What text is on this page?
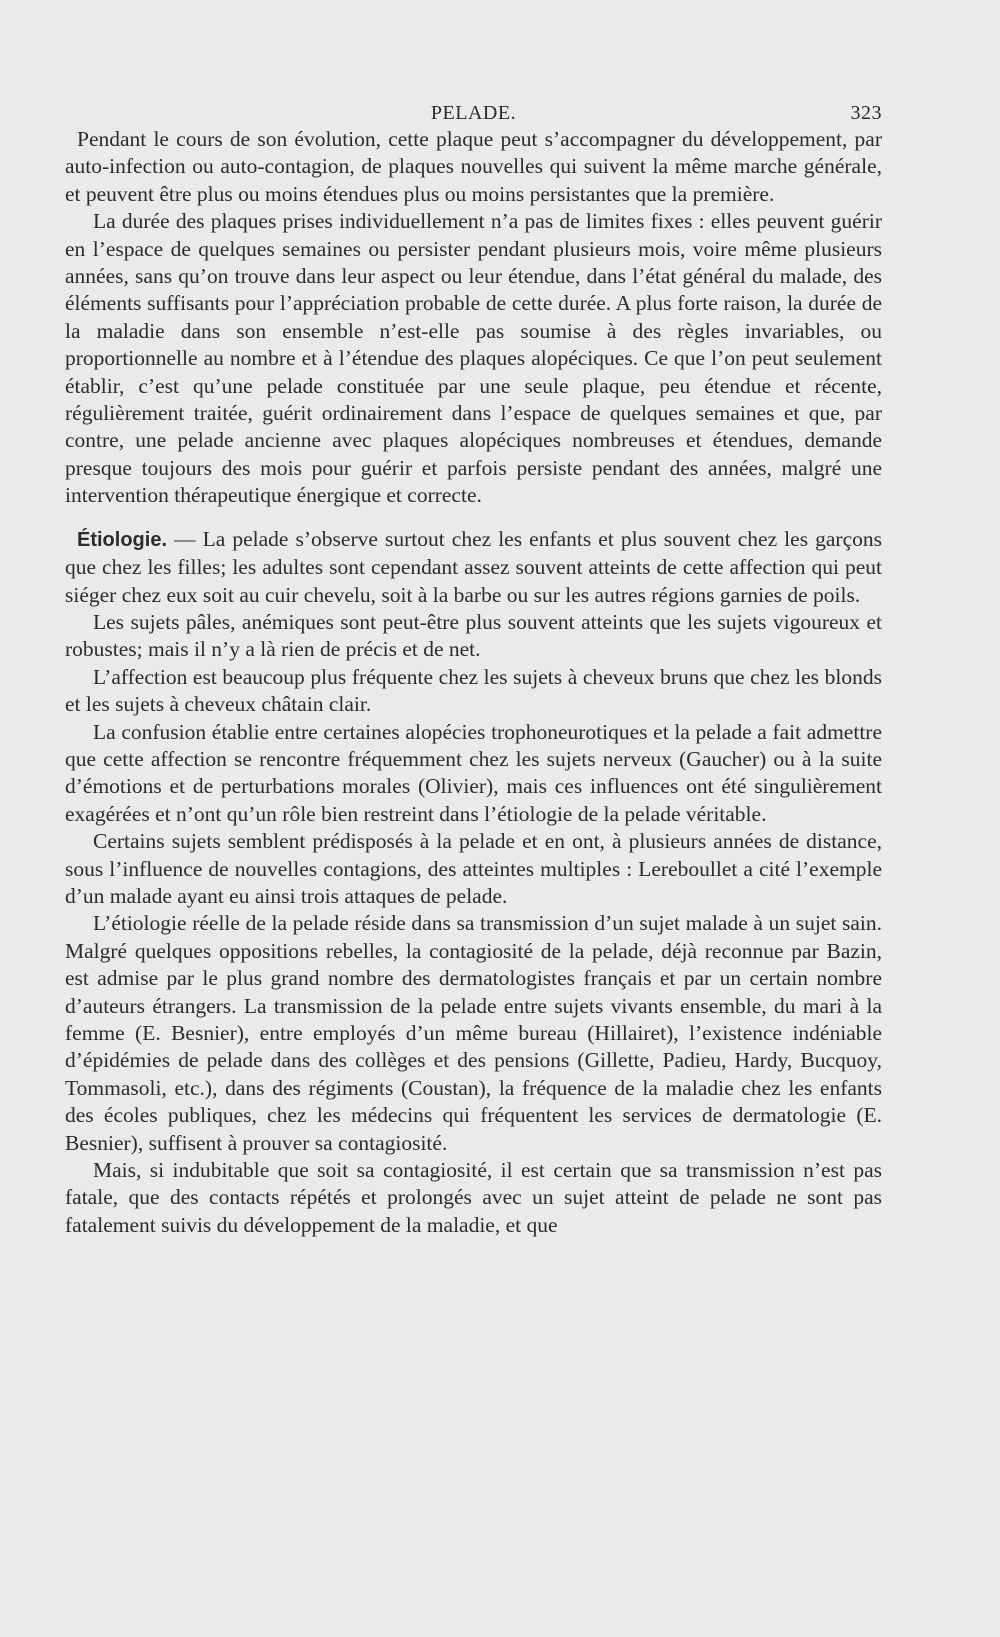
PELADE.	323

Pendant le cours de son évolution, cette plaque peut s’accompagner du développement, par auto-infection ou auto-contagion, de plaques nouvelles qui suivent la même marche générale, et peuvent être plus ou moins étendues plus ou moins persistantes que la première.

La durée des plaques prises individuellement n’a pas de limites fixes : elles peuvent guérir en l’espace de quelques semaines ou persister pendant plusieurs mois, voire même plusieurs années, sans qu’on trouve dans leur aspect ou leur étendue, dans l’état général du malade, des éléments suffisants pour l’appréciation probable de cette durée. A plus forte raison, la durée de la maladie dans son ensemble n’est-elle pas soumise à des règles invariables, ou proportionnelle au nombre et à l’étendue des plaques alopéciques. Ce que l’on peut seulement établir, c’est qu’une pelade constituée par une seule plaque, peu étendue et récente, régulièrement traitée, guérit ordinairement dans l’espace de quelques semaines et que, par contre, une pelade ancienne avec plaques alopéciques nombreuses et étendues, demande presque toujours des mois pour guérir et parfois persiste pendant des années, malgré une intervention thérapeutique énergique et correcte.

Étiologie. — La pelade s’observe surtout chez les enfants et plus souvent chez les garçons que chez les filles; les adultes sont cependant assez souvent atteints de cette affection qui peut siéger chez eux soit au cuir chevelu, soit à la barbe ou sur les autres régions garnies de poils.

Les sujets pâles, anémiques sont peut-être plus souvent atteints que les sujets vigoureux et robustes; mais il n’y a là rien de précis et de net.

L’affection est beaucoup plus fréquente chez les sujets à cheveux bruns que chez les blonds et les sujets à cheveux châtain clair.

La confusion établie entre certaines alopécies trophoneurotiques et la pelade a fait admettre que cette affection se rencontre fréquemment chez les sujets nerveux (Gaucher) ou à la suite d’émotions et de perturbations morales (Olivier), mais ces influences ont été singulièrement exagérées et n’ont qu’un rôle bien restreint dans l’étiologie de la pelade véritable.

Certains sujets semblent prédisposés à la pelade et en ont, à plusieurs années de distance, sous l’influence de nouvelles contagions, des atteintes multiples : Lereboullet a cité l’exemple d’un malade ayant eu ainsi trois attaques de pelade.

L’étiologie réelle de la pelade réside dans sa transmission d’un sujet malade à un sujet sain. Malgré quelques oppositions rebelles, la contagiosité de la pelade, déjà reconnue par Bazin, est admise par le plus grand nombre des dermatologistes français et par un certain nombre d’auteurs étrangers. La transmission de la pelade entre sujets vivants ensemble, du mari à la femme (E. Besnier), entre employés d’un même bureau (Hillairet), l’existence indéniable d’épidémies de pelade dans des collèges et des pensions (Gillette, Padieu, Hardy, Bucquoy, Tommasoli, etc.), dans des régiments (Coustan), la fréquence de la maladie chez les enfants des écoles publiques, chez les médecins qui fréquentent les services de dermatologie (E. Besnier), suffisent à prouver sa contagiosité.

Mais, si indubitable que soit sa contagiosité, il est certain que sa transmission n’est pas fatale, que des contacts répétés et prolongés avec un sujet atteint de pelade ne sont pas fatalement suivis du développement de la maladie, et que
